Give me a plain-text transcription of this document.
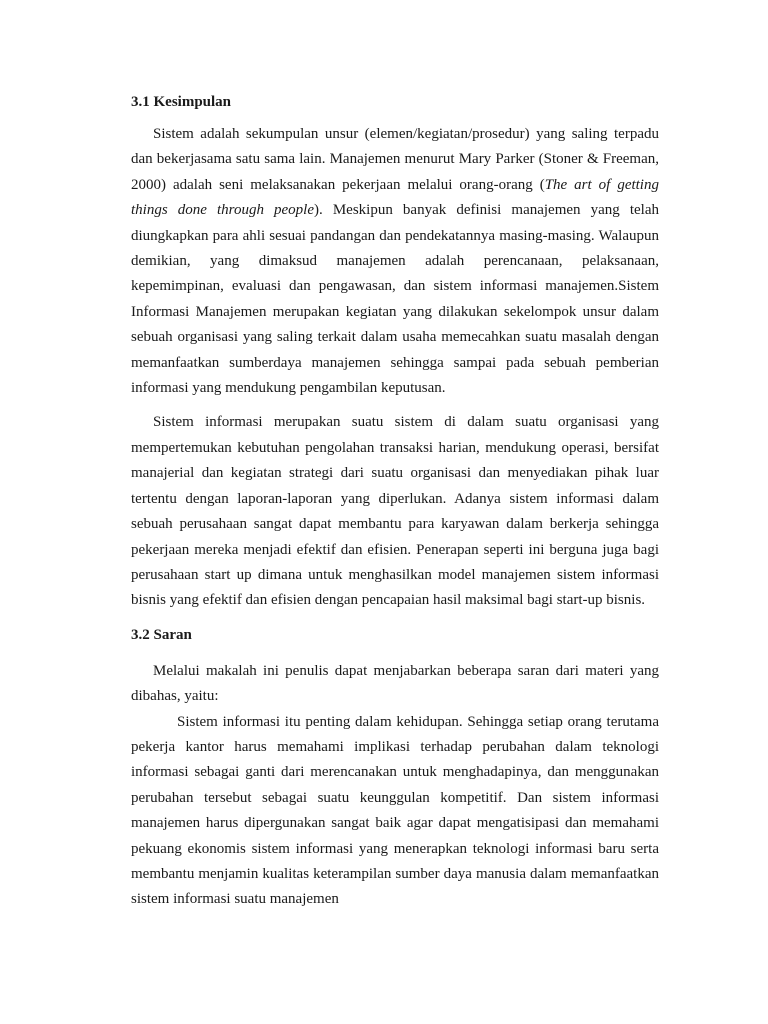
3.1 Kesimpulan

Sistem adalah sekumpulan unsur (elemen/kegiatan/prosedur) yang saling terpadu dan bekerjasama satu sama lain. Manajemen menurut Mary Parker (Stoner & Freeman, 2000) adalah seni melaksanakan pekerjaan melalui orang-orang (The art of getting things done through people). Meskipun banyak definisi manajemen yang telah diungkapkan para ahli sesuai pandangan dan pendekatannya masing-masing. Walaupun demikian, yang dimaksud manajemen adalah perencanaan, pelaksanaan, kepemimpinan, evaluasi dan pengawasan, dan sistem informasi manajemen.Sistem Informasi Manajemen merupakan kegiatan yang dilakukan sekelompok unsur dalam sebuah organisasi yang saling terkait dalam usaha memecahkan suatu masalah dengan memanfaatkan sumberdaya manajemen sehingga sampai pada sebuah pemberian informasi yang mendukung pengambilan keputusan.

Sistem informasi merupakan suatu sistem di dalam suatu organisasi yang mempertemukan kebutuhan pengolahan transaksi harian, mendukung operasi, bersifat manajerial dan kegiatan strategi dari suatu organisasi dan menyediakan pihak luar tertentu dengan laporan-laporan yang diperlukan. Adanya sistem informasi dalam sebuah perusahaan sangat dapat membantu para karyawan dalam berkerja sehingga pekerjaan mereka menjadi efektif dan efisien. Penerapan seperti ini berguna juga bagi perusahaan start up dimana untuk menghasilkan model manajemen sistem informasi bisnis yang efektif dan efisien dengan pencapaian hasil maksimal bagi start-up bisnis.

3.2 Saran

Melalui makalah ini penulis dapat menjabarkan beberapa saran dari materi yang dibahas, yaitu:

Sistem informasi itu penting dalam kehidupan. Sehingga setiap orang terutama pekerja kantor harus memahami implikasi terhadap perubahan dalam teknologi informasi sebagai ganti dari merencanakan untuk menghadapinya, dan menggunakan perubahan tersebut sebagai suatu keunggulan kompetitif. Dan sistem informasi manajemen harus dipergunakan sangat baik agar dapat mengatisipasi dan memahami pekuang ekonomis sistem informasi yang menerapkan teknologi informasi baru serta membantu menjamin kualitas keterampilan sumber daya manusia dalam memanfaatkan sistem informasi suatu manajemen
